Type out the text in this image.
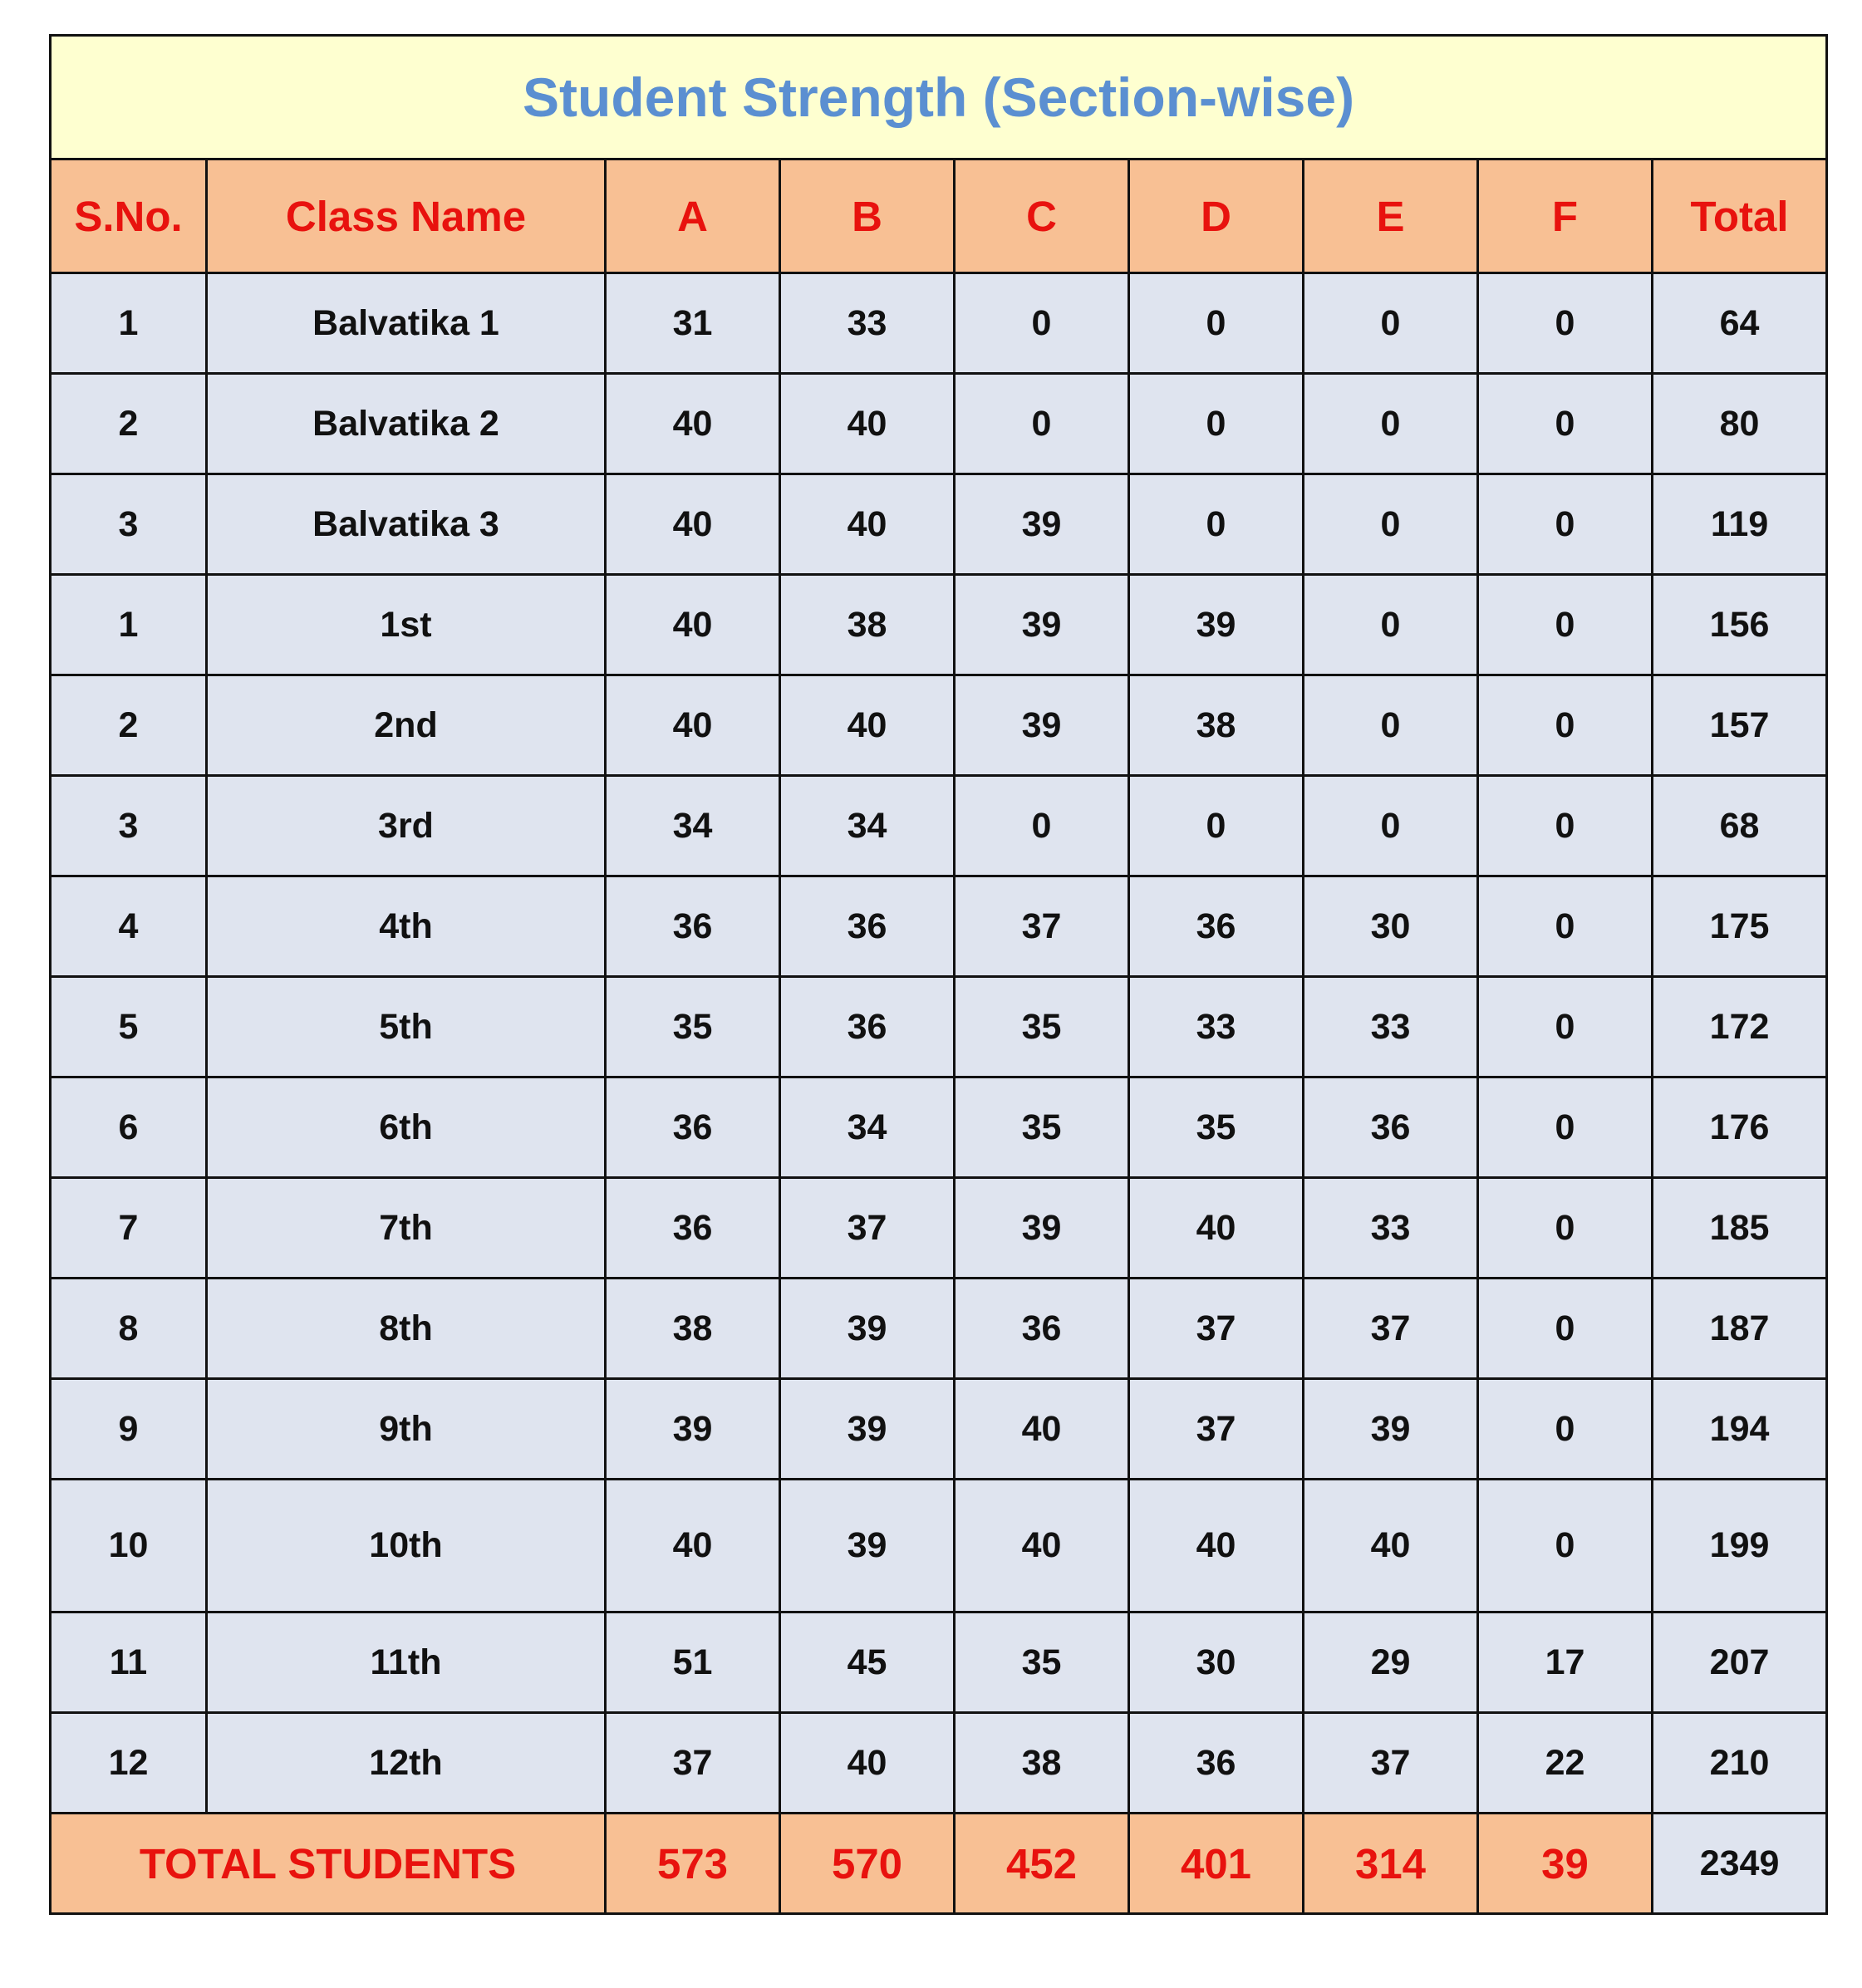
Student Strength (Section-wise)								
S.No.	Class Name	A	B	C	D	E	F	Total
1	Balvatika 1	31	33	0	0	0	0	64
2	Balvatika 2	40	40	0	0	0	0	80
3	Balvatika 3	40	40	39	0	0	0	119
1	1st	40	38	39	39	0	0	156
2	2nd	40	40	39	38	0	0	157
3	3rd	34	34	0	0	0	0	68
4	4th	36	36	37	36	30	0	175
5	5th	35	36	35	33	33	0	172
6	6th	36	34	35	35	36	0	176
7	7th	36	37	39	40	33	0	185
8	8th	38	39	36	37	37	0	187
9	9th	39	39	40	37	39	0	194
10	10th	40	39	40	40	40	0	199
11	11th	51	45	35	30	29	17	207
12	12th	37	40	38	36	37	22	210
TOTAL STUDENTS		573	570	452	401	314	39	2349
